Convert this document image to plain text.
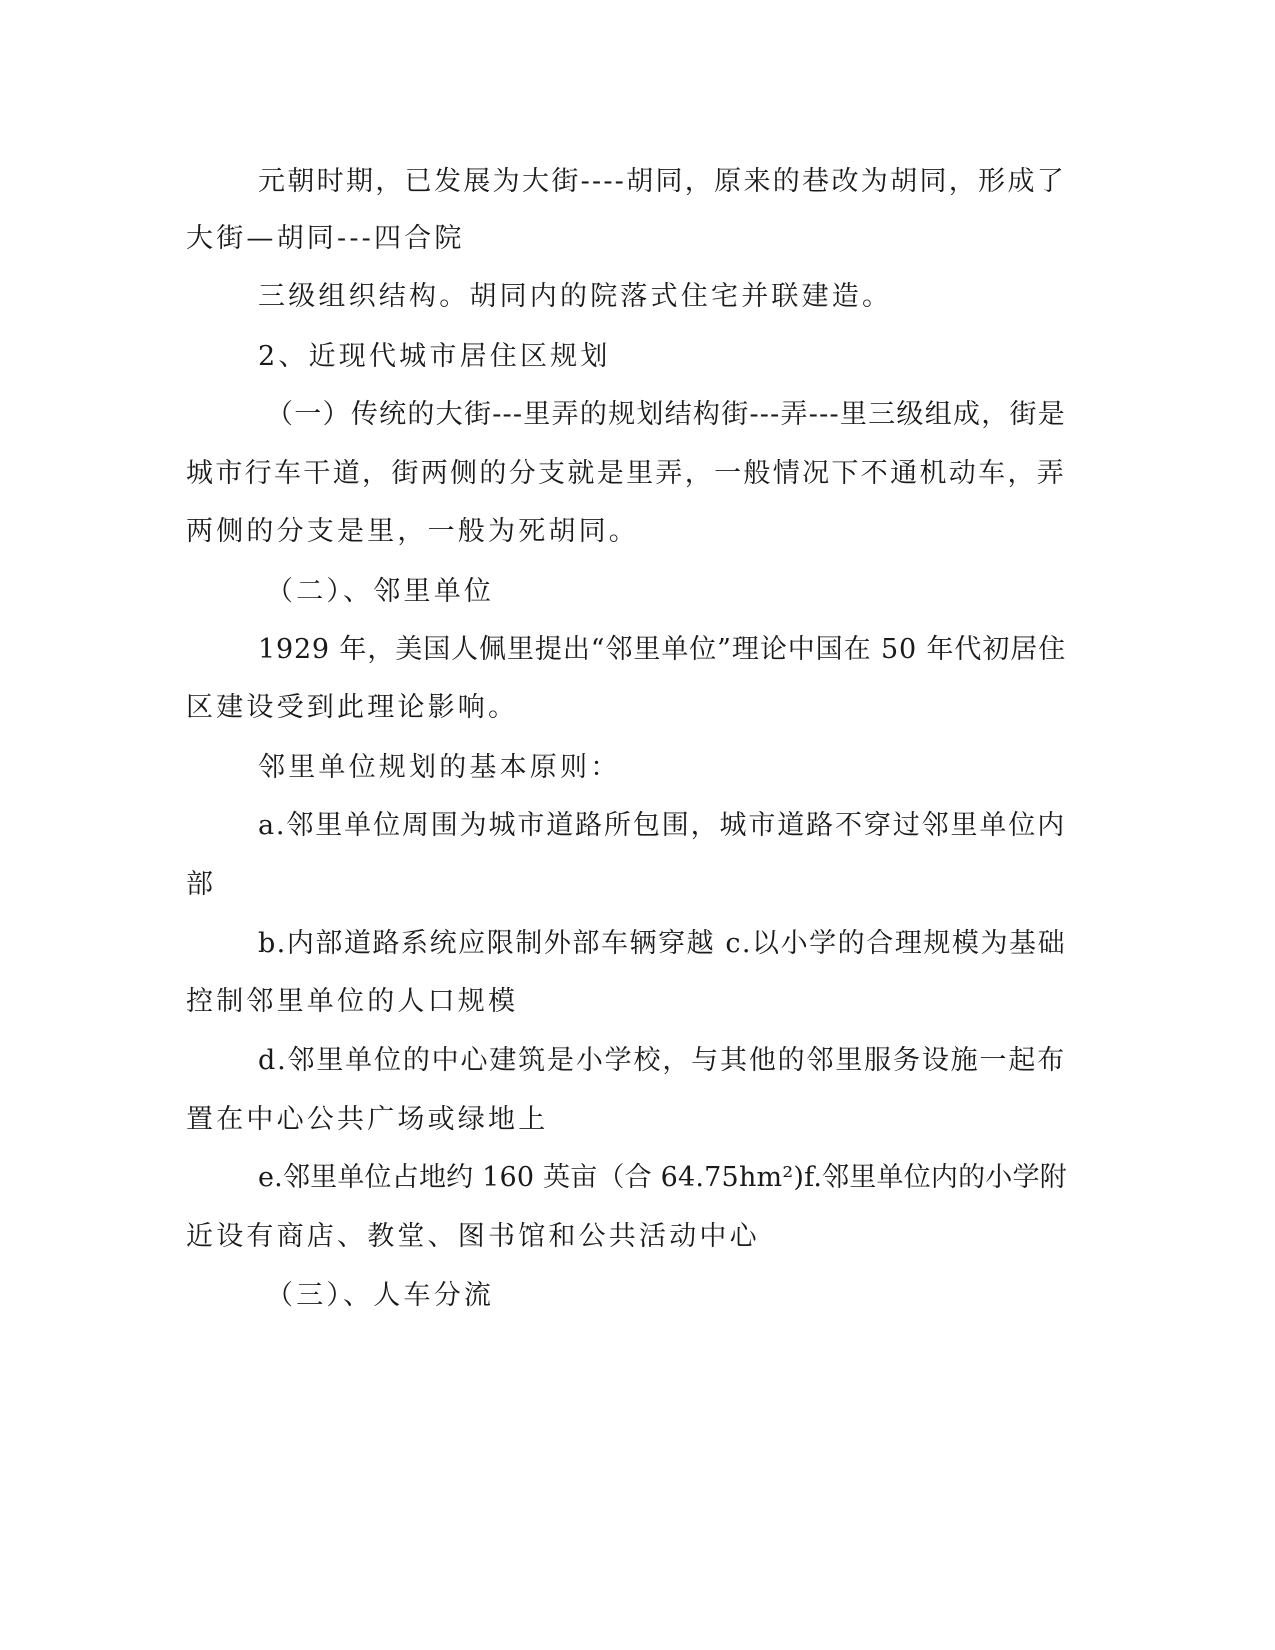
元朝时期，已发展为大街----胡同，原来的巷改为胡同，形成了
大街—胡同---四合院
三级组织结构。胡同内的院落式住宅并联建造。
2、近现代城市居住区规划
（一）传统的大街---里弄的规划结构街---弄---里三级组成，街是
城市行车干道，街两侧的分支就是里弄，一般情况下不通机动车，弄
两侧的分支是里，一般为死胡同。
（二）、邻里单位
1929 年，美国人佩里提出“邻里单位”理论中国在 50 年代初居住
区建设受到此理论影响。
邻里单位规划的基本原则：
a.邻里单位周围为城市道路所包围，城市道路不穿过邻里单位内
部
b.内部道路系统应限制外部车辆穿越 c.以小学的合理规模为基础
控制邻里单位的人口规模
d.邻里单位的中心建筑是小学校，与其他的邻里服务设施一起布
置在中心公共广场或绿地上
e.邻里单位占地约 160 英亩（合 64.75hm²)f.邻里单位内的小学附
近设有商店、教堂、图书馆和公共活动中心
（三）、人车分流
